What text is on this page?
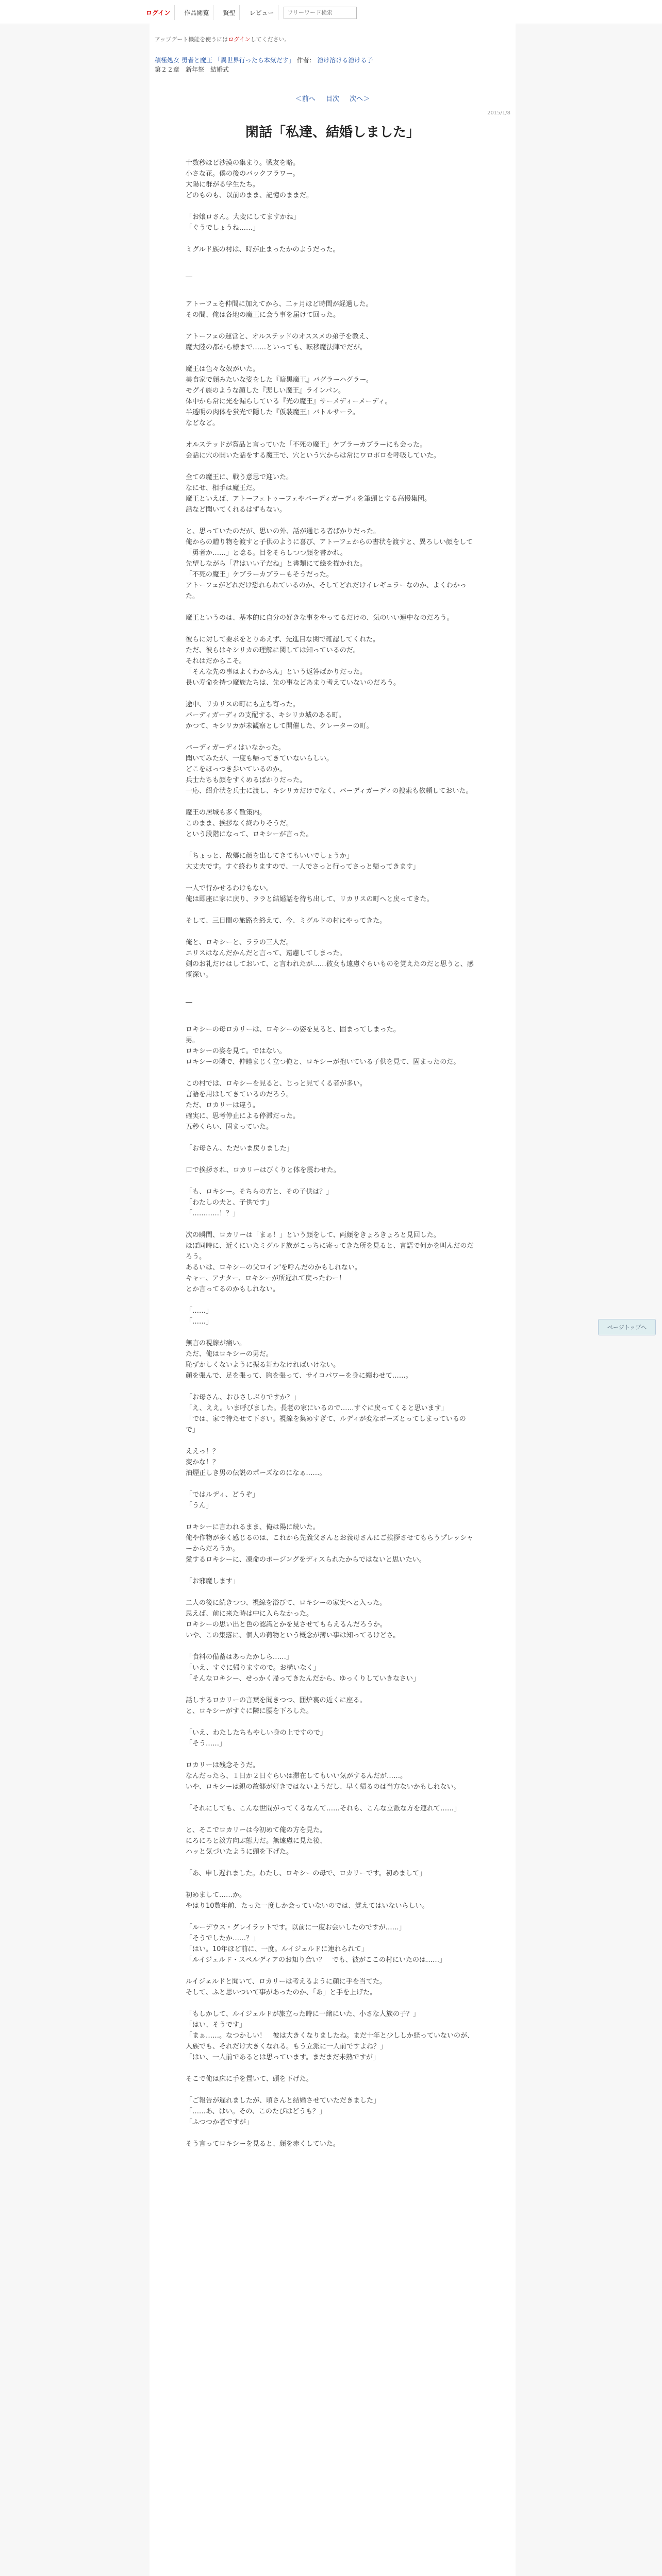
ログイン	作品閲覧	賢聖	レビュー
フリーワード検索
アップデート機能を使うにはログインしてください。
積極処女 勇者と魔王 「異世界行ったら本気だす」 作者： 溶け溶ける溶ける子
第２２章　新年祭　結婚式
＜前へ 目次 次へ＞
2015/1/8
閑話「私達、結婚しました」

十数秒ほど沙漠の集まり。戦友を略。
小さな花。僕の後のバックフラワー。
大陽に群がる学生たち。
どのものも、以前のまま、記憶のままだ。

「お嬢ロさん。大変にしてますかね」
「ぐうでしょうね……」

ミグルド族の村は、時が止まったかのようだった。

―

アトーフェを仲間に加えてから、二ヶ月ほど時間が経過した。
その間、俺は各地の魔王に会う事を届けて回った。

アトーフェの運営と、オルステッドのオススメの弟子を教え、
魔大陸の都から様まで……といっても、転移魔法陣でだが。

魔王は色々な奴がいた。
美食家で顔みたいな姿をした『暗黒魔王』バグラーハグラー。
モグイ族のような顔した『悲しい魔王』ラインパン。
体中から常に光を漏らしている『光の魔王』サーメディーメーディ。
半透明の肉体を蛍光で隠した『仮装魔王』バトルサーラ。
などなど。

オルステッドが賞品と言っていた「不死の魔王」ケブラーカブラーにも会った。
会話に穴の開いた話をする魔王で、穴という穴からは常にワロポロを呼吸していた。

全ての魔王に、戦う意思で迎いた。
なにせ、相手は魔王だ。
魔王といえば、アトーフェトゥーフェやバーディガーディを筆頭とする高慢集団。
話など聞いてくれるはずもない。

と、思っていたのだが、思いの外、話が通じる者ばかりだった。
俺からの贈り物を渡すと子供のように喜び、アトーフェからの書状を渡すと、異ろしい顔をして「勇者か……」と唸る。目をそらしつつ顔を書かれ。
先望しながら「君はいい子だね」と書類にて絵を描かれた。
「不死の魔王」ケブラーカブラーもそうだった。
アトーフェがどれだけ恐れられているのか、そしてどれだけイレギュラーなのか、よくわかった。

魔王というのは、基本的に自分の好きな事をやってるだけの、気のいい連中なのだろう。

彼らに対して要求をとりあえず、先進目な関で確認してくれた。
ただ、彼らはキシリカの理解に関しては知っているのだ。
それはだからこそ。
「そんな先の事はよくわからん」という返答ばかりだった。
長い寿命を持つ魔族たちは、先の事などあまり考えていないのだろう。

途中、リカリスの町にも立ち寄った。
バーディガーディの支配する、キシリカ城のある町。
かつて、キシリカが未観察として開催した、クレーターの町。

バーディガーディはいなかった。
聞いてみたが、一度も帰ってきていないらしい。
どこをほっつき歩いているのか。
兵士たちも顔をすくめるばかりだった。
一応、紹介状を兵士に渡し、キシリカだけでなく、バーディガーディの捜索も依頼しておいた。

魔王の居城も多く散策内。
このまま、挨拶なく終わりそうだ。
という段階になって、ロキシーが言った。

「ちょっと、故郷に顔を出してきてもいいでしょうか」
大丈夫です。すぐ終わりますので、一人でさっと行ってさっと帰ってきます」

一人で行かせるわけもない。
俺は即座に家に戻り、ララと結婚話を待ち出して、リカリスの町へと戻ってきた。

そして、三日間の旅路を終えて、今、ミグルドの村にやってきた。

俺と、ロキシーと、ララの三人だ。
エリスはなんだかんだと言って、遠慮してしまった。
剣のお礼だけはしておいて、と言われたが……彼女も遠慮ぐらいものを覚えたのだと思うと、感慨深い。

―

ロキシーの母ロカリーは、ロキシーの姿を見ると、固まってしまった。
男。
ロキシーの姿を見て。ではない。
ロキシーの隣で、仲睦まじく立つ俺と、ロキシーが抱いている子供を見て、固まったのだ。

この村では、ロキシーを見ると、じっと見てくる者が多い。
言語を用はしてきているのだろう。
ただ、ロカリーは違う。
確実に、思考停止による停滞だった。
五秒くらい、固まっていた。

「お母さん、ただいま戻りました」

口で挨拶され、ロカリーはびくりと体を震わせた。

「も、ロキシー。そちらの方と、その子供は？」
「わたしの夫と、子供です」
「…………！？」

次の瞬間、ロカリーは「まぁ！」という顔をして、両顔をきょろきょろと見回した。
ほぼ同時に、近くにいたミグルド族がこっちに寄ってきた所を見ると、言語で何かを叫んだのだろう。
あるいは、ロキシーの父ロイン'を呼んだのかもしれない。
キャー、アナター、ロキシーが所遅れて戻ったわー！
とか言ってるのかもしれない。

「……」
「……」

無言の視線が痛い。
ただ、俺はロキシーの男だ。
恥ずかしくないように振る舞わなければいけない。
顔を張んで、足を張って、胸を張って、サイコパワーを身に纏わせて……。

「お母さん、おひさしぶりですか？」
「え、ええ。いま呼びました。長老の家にいるので……すぐに戻ってくると思います」
「では、家で待たせて下さい。視線を集めすぎて、ルディが変なポーズとってしまっているので」

ええっ！？
変かな！？
油煙正しき男の伝説のポーズなのになぁ……。

「ではルディ、どうぞ」
「うん」

ロキシーに言われるまま、俺は陽に続いた。
俺や作物が多く感じるのは、これから先義父さんとお義母さんにご挨拶させてもらうプレッシャーからだろうか。
愛するロキシーに、凍命のポージングをディスられたからではないと思いたい。

「お邪魔します」

二人の後に続きつつ、視線を浴びて、ロキシーの家実へと入った。
思えば、前に来た時は中に入らなかった。
ロキシーの思い出と色の認識とかを見させてもらえるんだろうか。
いや、この集落に、個人の荷物という概念が薄い事は知ってるけどさ。

「食料の備蓄はあったかしら……」
「いえ、すぐに帰りますので。お構いなく」
「そんなロキシー、せっかく帰ってきたんだから、ゆっくりしていきなさい」

話しするロカリーの言葉を聞きつつ、囲炉裏の近くに座る。
と、ロキシーがすぐに隣に腰を下ろした。

「いえ、わたしたちもやしい身の上ですので」
「そう……」

ロカリーは残念そうだ。
なんだったら、１日か２日ぐらいは滞在してもいい気がするんだが……。
いや、ロキシーは親の故郷が好きではないようだし、早く帰るのは当方ないかもしれない。

「それにしても、こんな世間がってくるなんて……それも、こんな立派な方を連れて……」

と、そこでロカリーは今初めて俺の方を見た。
にろにろと淡方向ぶ態力だ。無遠慮に見た後、
ハッと気づいたように頭を下げた。

「あ、申し遅れました。わたし、ロキシーの母で、ロカリーです。初めまして」

初めまして……か。
やはり10数年前、たった一度しか会っていないのでは、覚えてはいないらしい。

「ルーデウス・グレイラットです。以前に一度お会いしたのですが……」
「そうでしたか……？」
「はい。10年ほど前に、一度。ルイジェルドに連れられて」
「ルイジェルド・スペルディアのお知り合い？　でも、彼がここの村にいたのは……」

ルイジェルドと聞いて、ロカリーは考えるように顔に手を当てた。
そして、ふと思いついて事があったのか、「あ」と手を上げた。

「もしかして、ルイジェルドが旅立った時に一緒にいた、小さな人族の子？」
「はい、そうです」
「まぁ……。なつかしい！　彼は大きくなりましたね。まだ十年と少ししか経っていないのが、人族でも、それだけ大きくなれる。もう立派に一人前ですよね？」
「はい、一人前であるとは思っています。まだまだ未熟ですが」

そこで俺は床に手を置いて、頭を下げた。

「ご報告が遅れましたが、頃さんと結婚させていただきました」
「……あ、はい。その、このたびはどうも？」
「ふつつか者ですが」

そう言ってロキシーを見ると、顔を赤くしていた。

ページトップへ
